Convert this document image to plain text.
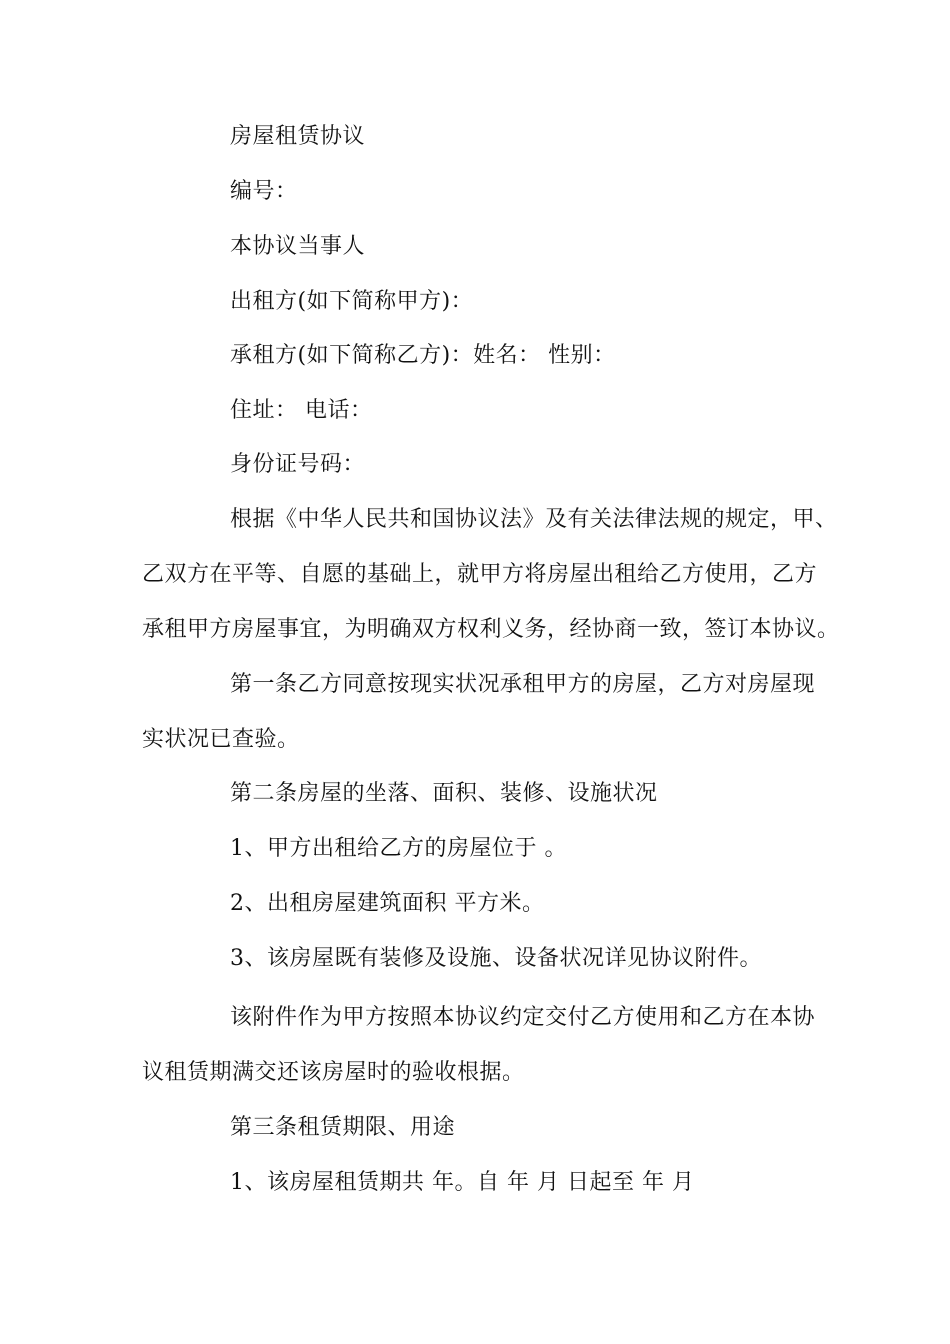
房屋租赁协议
编号：
本协议当事人
出租方(如下简称甲方)：
承租方(如下简称乙方)：姓名： 性别：
住址： 电话：
身份证号码：
根据《中华人民共和国协议法》及有关法律法规的规定，甲、
乙双方在平等、自愿的基础上，就甲方将房屋出租给乙方使用，乙方
承租甲方房屋事宜，为明确双方权利义务，经协商一致，签订本协议。
第一条乙方同意按现实状况承租甲方的房屋，乙方对房屋现
实状况已查验。
第二条房屋的坐落、面积、装修、设施状况
1、甲方出租给乙方的房屋位于 。
2、出租房屋建筑面积 平方米。
3、该房屋既有装修及设施、设备状况详见协议附件。
该附件作为甲方按照本协议约定交付乙方使用和乙方在本协
议租赁期满交还该房屋时的验收根据。
第三条租赁期限、用途
1、该房屋租赁期共 年。自 年 月 日起至 年 月
